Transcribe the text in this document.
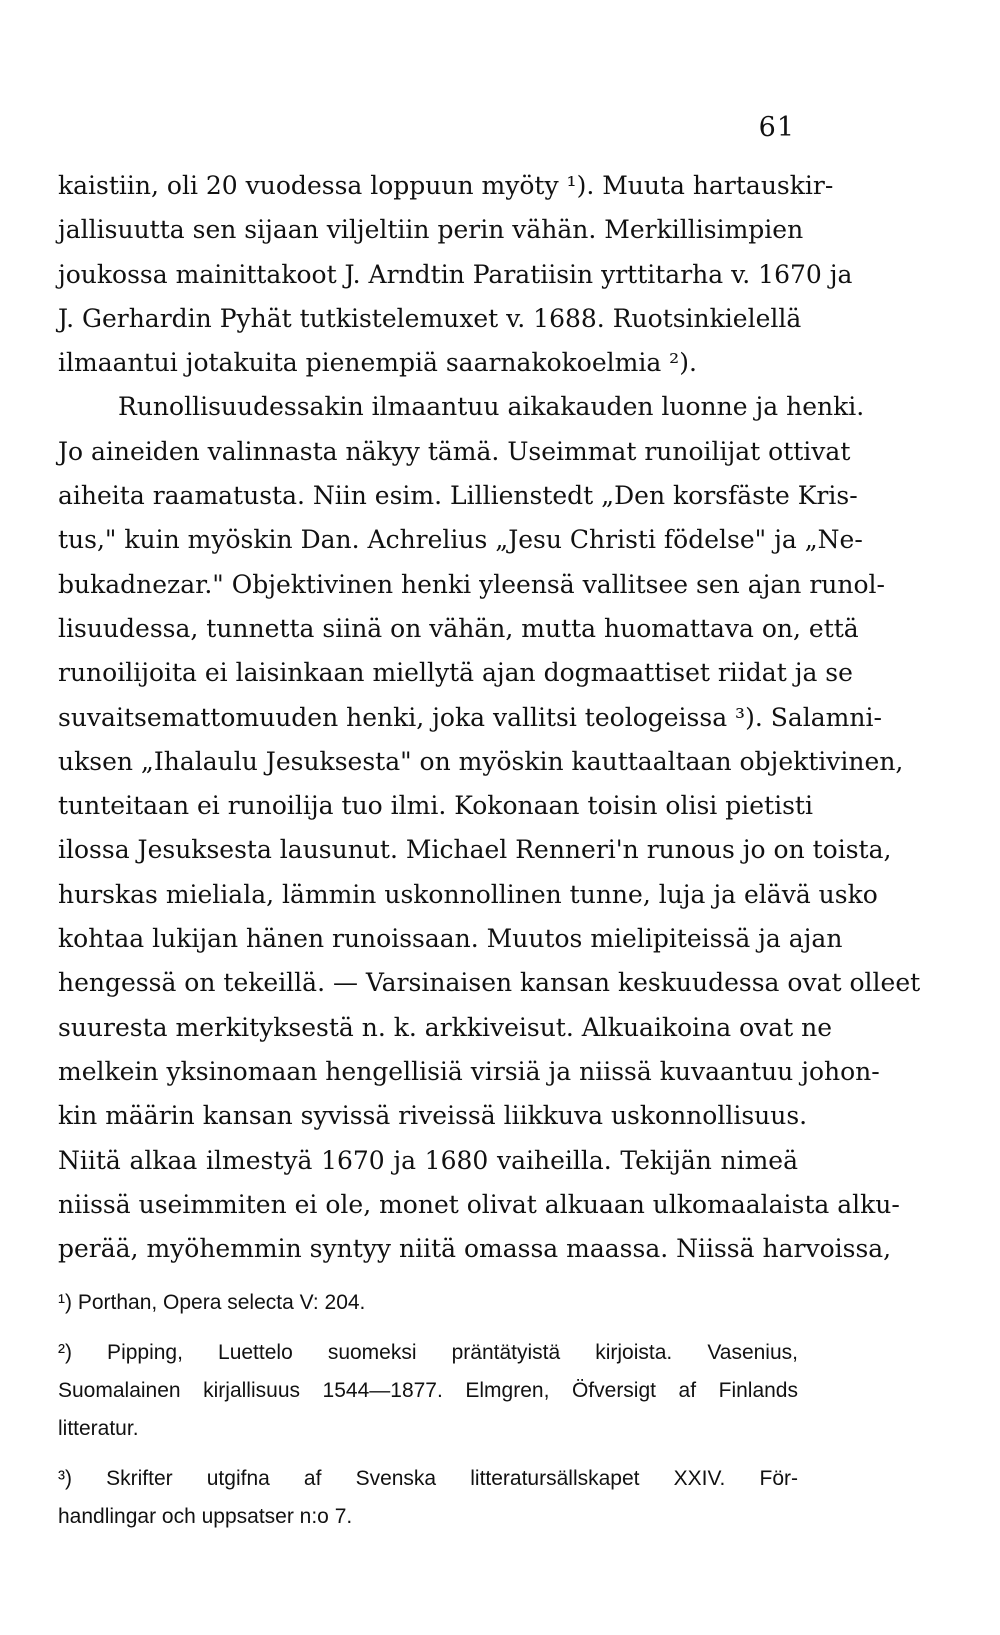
61
kaistiin, oli 20 vuodessa loppuun myöty ¹). Muuta hartauskir-
jallisuutta sen sijaan viljeltiin perin vähän. Merkillisimpien
joukossa mainittakoot J. Arndtin Paratiisin yrttitarha v. 1670 ja
J. Gerhardin Pyhät tutkistelemuxet v. 1688. Ruotsinkielellä
ilmaantui jotakuita pienempiä saarnakokoelmia ²).
Runollisuudessakin ilmaantuu aikakauden luonne ja henki.
Jo aineiden valinnasta näkyy tämä. Useimmat runoilijat ottivat
aiheita raamatusta. Niin esim. Lillienstedt „Den korsfäste Kris-
tus," kuin myöskin Dan. Achrelius „Jesu Christi födelse" ja „Ne-
bukadnezar." Objektivinen henki yleensä vallitsee sen ajan runol-
lisuudessa, tunnetta siinä on vähän, mutta huomattava on, että
runoilijoita ei laisinkaan miellytä ajan dogmaattiset riidat ja se
suvaitsemattomuuden henki, joka vallitsi teologeissa ³). Salamni-
uksen „Ihalaulu Jesuksesta" on myöskin kauttaaltaan objektivinen,
tunteitaan ei runoilija tuo ilmi. Kokonaan toisin olisi pietisti
ilossa Jesuksesta lausunut. Michael Renneri'n runous jo on toista,
hurskas mieliala, lämmin uskonnollinen tunne, luja ja elävä usko
kohtaa lukijan hänen runoissaan. Muutos mielipiteissä ja ajan
hengessä on tekeillä. — Varsinaisen kansan keskuudessa ovat olleet
suuresta merkityksestä n. k. arkkiveisut. Alkuaikoina ovat ne
melkein yksinomaan hengellisiä virsiä ja niissä kuvaantuu johon-
kin määrin kansan syvissä riveissä liikkuva uskonnollisuus.
Niitä alkaa ilmestyä 1670 ja 1680 vaiheilla. Tekijän nimeä
niissä useimmiten ei ole, monet olivat alkuaan ulkomaalaista alku-
perää, myöhemmin syntyy niitä omassa maassa. Niissä harvoissa,
¹) Porthan, Opera selecta V: 204.
²) Pipping, Luettelo suomeksi präntätyistä kirjoista. Vasenius,
Suomalainen kirjallisuus 1544—1877. Elmgren, Öfversigt af Finlands
litteratur.
³) Skrifter utgifna af Svenska litteratursällskapet XXIV. För-
handlingar och uppsatser n:o 7.
